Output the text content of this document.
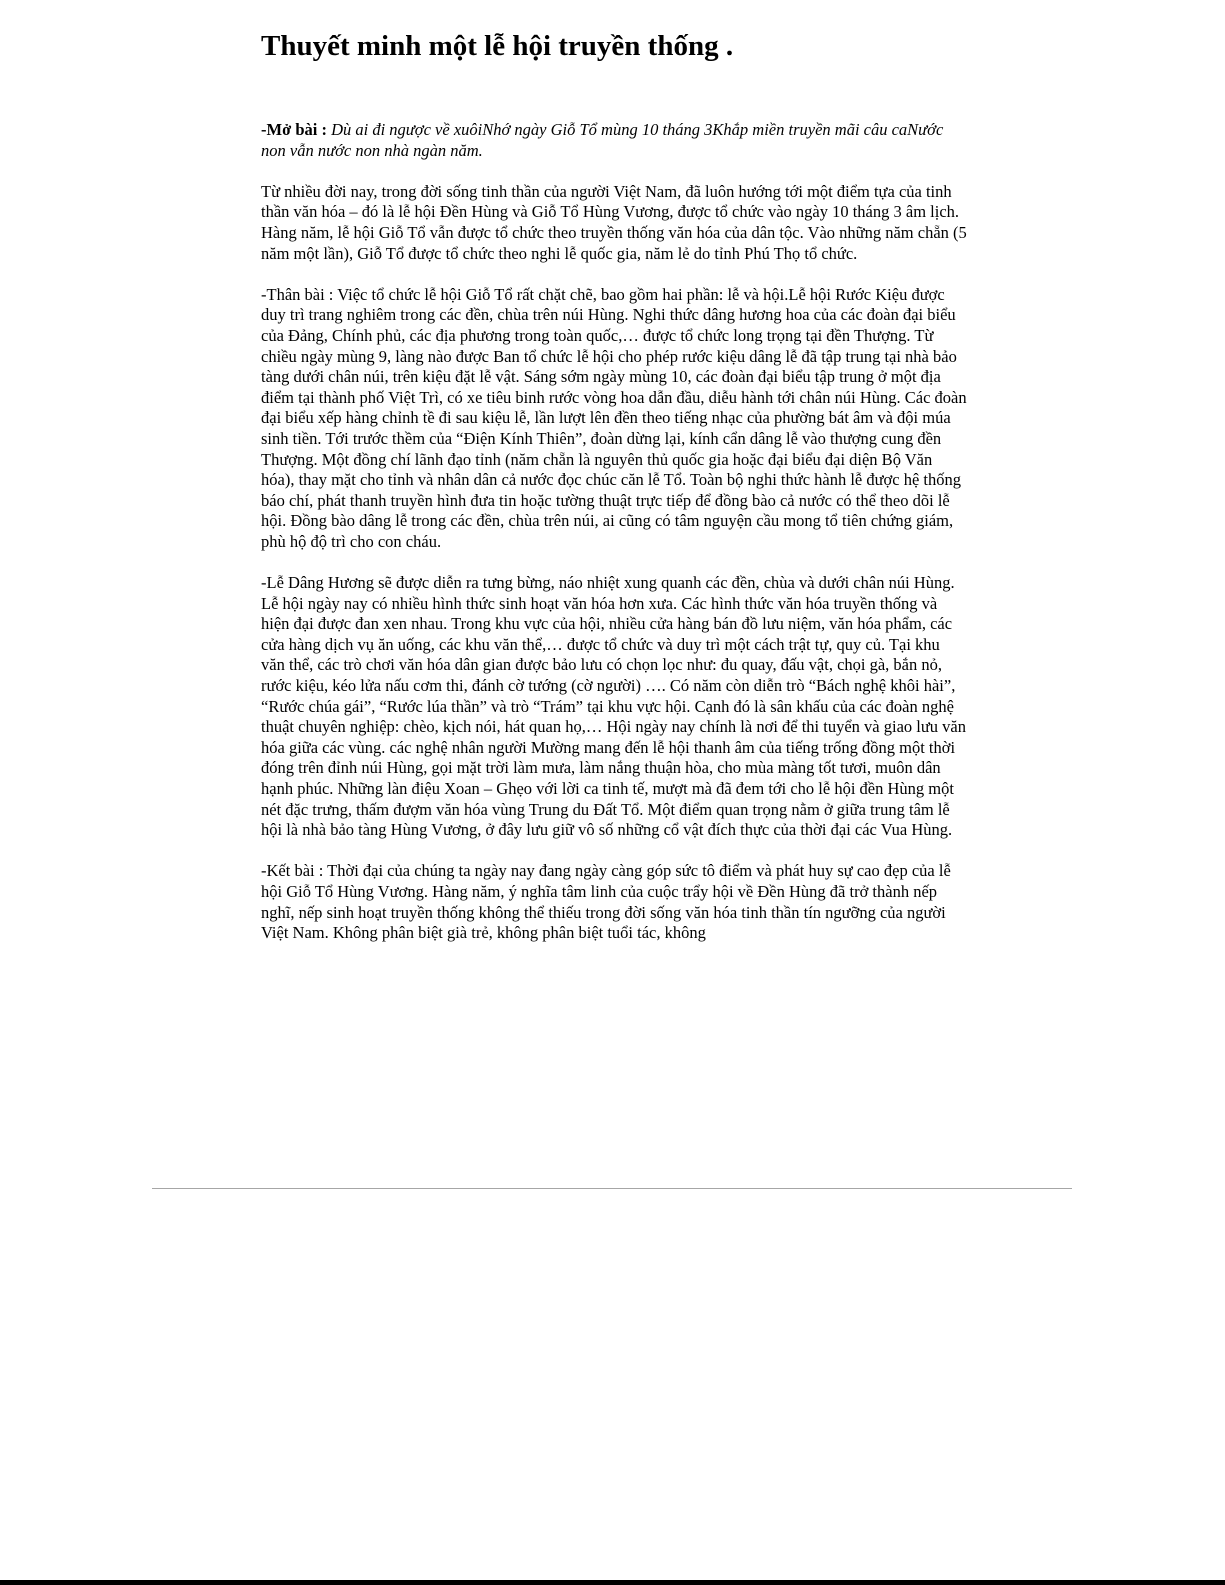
Thuyết minh một lễ hội truyền thống .

-Mở bài : Dù ai đi ngược về xuôiNhớ ngày Giỗ Tổ mùng 10 tháng 3Khắp miền truyền mãi câu caNước non vẫn nước non nhà ngàn năm.

Từ nhiều đời nay, trong đời sống tinh thần của người Việt Nam, đã luôn hướng tới một điểm tựa của tinh thần văn hóa – đó là lễ hội Đền Hùng và Giỗ Tổ Hùng Vương, được tổ chức vào ngày 10 tháng 3 âm lịch. Hàng năm, lễ hội Giỗ Tổ vẫn được tổ chức theo truyền thống văn hóa của dân tộc. Vào những năm chẵn (5 năm một lần), Giỗ Tổ được tổ chức theo nghi lễ quốc gia, năm lẻ do tỉnh Phú Thọ tổ chức.

-Thân bài : Việc tổ chức lễ hội Giỗ Tổ rất chặt chẽ, bao gồm hai phần: lễ và hội.Lễ hội Rước Kiệu được duy trì trang nghiêm trong các đền, chùa trên núi Hùng. Nghi thức dâng hương hoa của các đoàn đại biểu của Đảng, Chính phủ, các địa phương trong toàn quốc,… được tổ chức long trọng tại đền Thượng. Từ chiều ngày mùng 9, làng nào được Ban tổ chức lễ hội cho phép rước kiệu dâng lễ đã tập trung tại nhà bảo tàng dưới chân núi, trên kiệu đặt lễ vật. Sáng sớm ngày mùng 10, các đoàn đại biểu tập trung ở một địa điểm tại thành phố Việt Trì, có xe tiêu binh rước vòng hoa dẫn đầu, diễu hành tới chân núi Hùng. Các đoàn đại biểu xếp hàng chỉnh tề đi sau kiệu lễ, lần lượt lên đền theo tiếng nhạc của phường bát âm và đội múa sinh tiền. Tới trước thềm của “Điện Kính Thiên”, đoàn dừng lại, kính cẩn dâng lễ vào thượng cung đền Thượng. Một đồng chí lãnh đạo tỉnh (năm chẵn là nguyên thủ quốc gia hoặc đại biểu đại diện Bộ Văn hóa), thay mặt cho tỉnh và nhân dân cả nước đọc chúc căn lễ Tổ. Toàn bộ nghi thức hành lễ được hệ thống báo chí, phát thanh truyền hình đưa tin hoặc tường thuật trực tiếp để đồng bào cả nước có thể theo dõi lễ hội. Đồng bào dâng lễ trong các đền, chùa trên núi, ai cũng có tâm nguyện cầu mong tổ tiên chứng giám, phù hộ độ trì cho con cháu.

-Lễ Dâng Hương sẽ được diễn ra tưng bừng, náo nhiệt xung quanh các đền, chùa và dưới chân núi Hùng. Lễ hội ngày nay có nhiều hình thức sinh hoạt văn hóa hơn xưa. Các hình thức văn hóa truyền thống và hiện đại được đan xen nhau. Trong khu vực của hội, nhiều cửa hàng bán đồ lưu niệm, văn hóa phẩm, các cửa hàng dịch vụ ăn uống, các khu văn thể,… được tổ chức và duy trì một cách trật tự, quy củ. Tại khu văn thể, các trò chơi văn hóa dân gian được bảo lưu có chọn lọc như: đu quay, đấu vật, chọi gà, bắn nỏ, rước kiệu, kéo lửa nấu cơm thi, đánh cờ tướng (cờ người) …. Có năm còn diễn trò “Bách nghệ khôi hài”, “Rước chúa gái”, “Rước lúa thần” và trò “Trám” tại khu vực hội. Cạnh đó là sân khấu của các đoàn nghệ thuật chuyên nghiệp: chèo, kịch nói, hát quan họ,… Hội ngày nay chính là nơi để thi tuyển và giao lưu văn hóa giữa các vùng. các nghệ nhân người Mường mang đến lễ hội thanh âm của tiếng trống đồng một thời đóng trên đỉnh núi Hùng, gọi mặt trời làm mưa, làm nắng thuận hòa, cho mùa màng tốt tươi, muôn dân hạnh phúc. Những làn điệu Xoan – Ghẹo với lời ca tinh tế, mượt mà đã đem tới cho lễ hội đền Hùng một nét đặc trưng, thấm đượm văn hóa vùng Trung du Đất Tổ. Một điểm quan trọng nằm ở giữa trung tâm lễ hội là nhà bảo tàng Hùng Vương, ở đây lưu giữ vô số những cổ vật đích thực của thời đại các Vua Hùng.

-Kết bài : Thời đại của chúng ta ngày nay đang ngày càng góp sức tô điểm và phát huy sự cao đẹp của lễ hội Giỗ Tổ Hùng Vương. Hàng năm, ý nghĩa tâm linh của cuộc trẩy hội về Đền Hùng đã trở thành nếp nghĩ, nếp sinh hoạt truyền thống không thể thiếu trong đời sống văn hóa tinh thần tín ngưỡng của người Việt Nam. Không phân biệt già trẻ, không phân biệt tuổi tác, không
